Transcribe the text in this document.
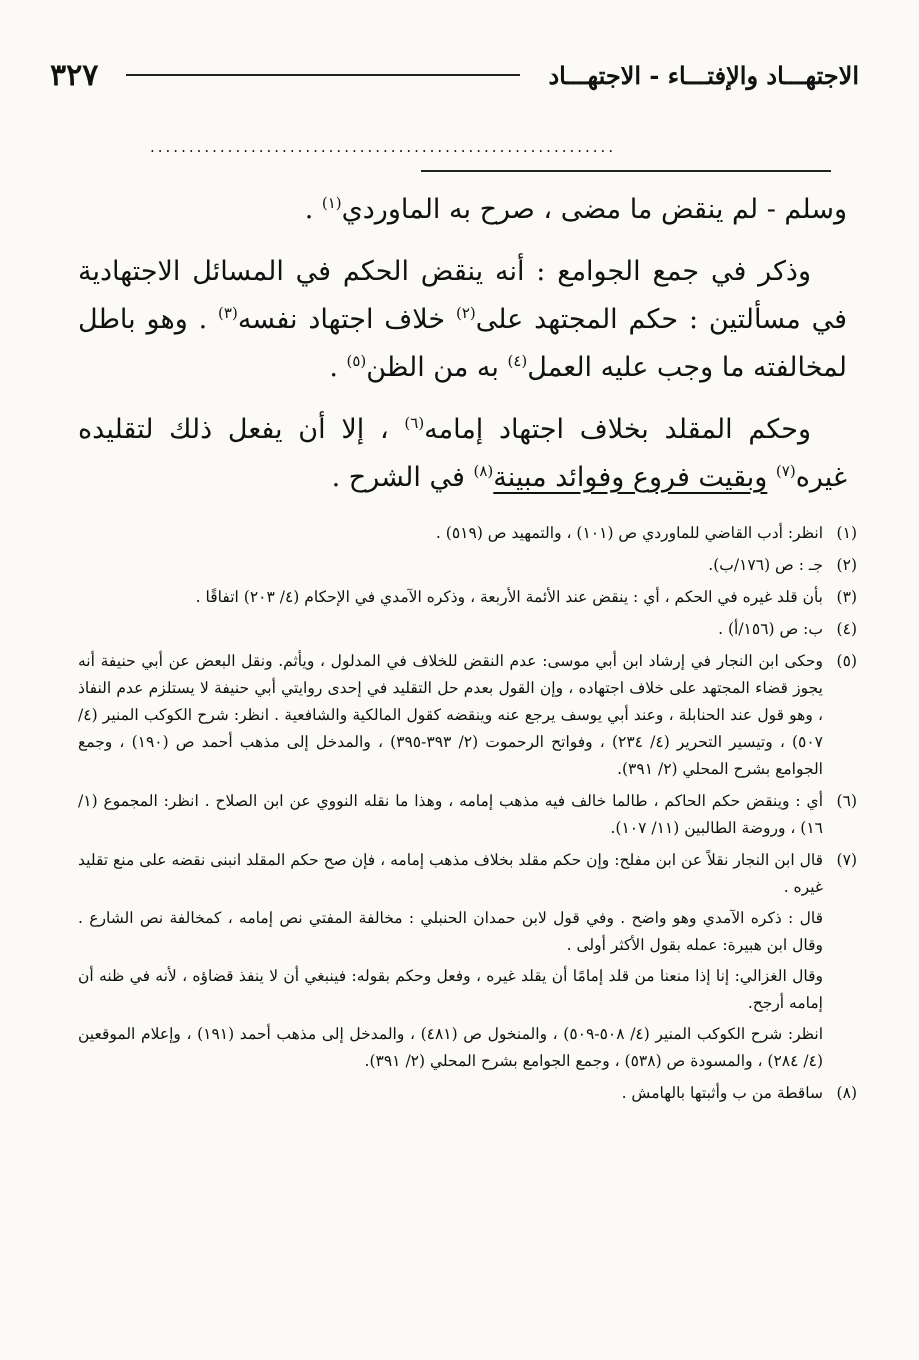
الاجتهـــاد والإفتـــاء - الاجتهـــاد
٣٢٧
............................................................

وسلم - لم ينقض ما مضى ، صرح به الماوردي$^{(١)}$ .

وذكر في جمع الجوامع : أنه ينقض الحكم في المسائل الاجتهادية في مسألتين : حكم المجتهد على$^{(٢)}$ خلاف اجتهاد نفسه$^{(٣)}$ . وهو باطل لمخالفته ما وجب عليه العمل$^{(٤)}$ به من الظن$^{(٥)}$ .

وحكم المقلد بخلاف اجتهاد إمامه$^{(٦)}$ ، إلا أن يفعل ذلك لتقليده غيره$^{(٧)}$ وبقيت فروع وفوائد مبينة$^{(٨)}$ في الشرح .

(١)

انظر: أدب القاضي للماوردي ص (١٠١) ، والتمهيد ص (٥١٩) .

(٢)

جـ : ص (١٧٦/ب).

(٣)

بأن قلد غيره في الحكم ، أي : ينقض عند الأئمة الأربعة ، وذكره الآمدي في الإحكام (٤/ ٢٠٣) اتفاقًا .

(٤)

ب: ص (١٥٦/أ) .

(٥)

وحكى ابن النجار في إرشاد ابن أبي موسى: عدم النقض للخلاف في المدلول ، ويأثم. ونقل البعض عن أبي حنيفة أنه يجوز قضاء المجتهد على خلاف اجتهاده ، وإن القول بعدم حل التقليد في إحدى روايتي أبي حنيفة لا يستلزم عدم النفاذ ، وهو قول عند الحنابلة ، وعند أبي يوسف يرجع عنه وينقضه كقول المالكية والشافعية . انظر: شرح الكوكب المنير (٤/ ٥٠٧) ، وتيسير التحرير (٤/ ٢٣٤) ، وفواتح الرحموت (٢/ ٣٩٣-٣٩٥) ، والمدخل إلى مذهب أحمد ص (١٩٠) ، وجمع الجوامع بشرح المحلي (٢/ ٣٩١).

(٦)

أي : وينقض حكم الحاكم ، طالما خالف فيه مذهب إمامه ، وهذا ما نقله النووي عن ابن الصلاح . انظر: المجموع (١/ ١٦) ، وروضة الطالبين (١١/ ١٠٧).

(٧)

قال ابن النجار نقلاً عن ابن مفلح: وإن حكم مقلد بخلاف مذهب إمامه ، فإن صح حكم المقلد انبنى نقضه على منع تقليد غيره .

قال : ذكره الآمدي وهو واضح . وفي قول لابن حمدان الحنبلي : مخالفة المفتي نص إمامه ، كمخالفة نص الشارع . وقال ابن هبيرة: عمله بقول الأكثر أولى .

وقال الغزالي: إنا إذا منعنا من قلد إمامًا أن يقلد غيره ، وفعل وحكم بقوله: فينبغي أن لا ينفذ قضاؤه ، لأنه في ظنه أن إمامه أرجح.

انظر: شرح الكوكب المنير (٤/ ٥٠٨-٥٠٩) ، والمنخول ص (٤٨١) ، والمدخل إلى مذهب أحمد (١٩١) ، وإعلام الموقعين (٤/ ٢٨٤) ، والمسودة ص (٥٣٨) ، وجمع الجوامع بشرح المحلي (٢/ ٣٩١).

(٨)

ساقطة من ب وأثبتها بالهامش .
